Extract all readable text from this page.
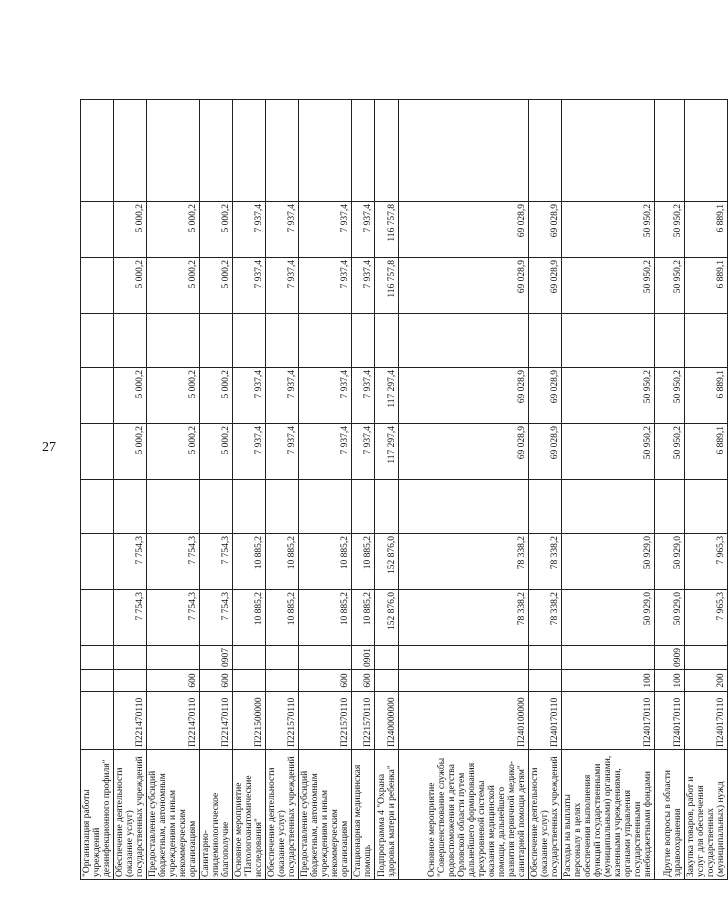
27
"Организация работы учреждений дезинфекционного профиля"												
Обеспечение деятельности (оказание услуг) государственных учреждений	П221470110			7 754,3	7 754,3		5 000,2	5 000,2		5 000,2	5 000,2	
Предоставление субсидий бюджетным, автономным учреждениям и иным некоммерческим организациям	П221470110	600		7 754,3	7 754,3		5 000,2	5 000,2		5 000,2	5 000,2	
Санитарно-эпидемиологическое благополучие	П221470110	600	0907	7 754,3	7 754,3		5 000,2	5 000,2		5 000,2	5 000,2	
Основное мероприятие "Патологоанатомические исследования"	П221500000			10 885,2	10 885,2		7 937,4	7 937,4		7 937,4	7 937,4	
Обеспечение деятельности (оказание услуг) государственных учреждений	П221570110			10 885,2	10 885,2		7 937,4	7 937,4		7 937,4	7 937,4	
Предоставление субсидий бюджетным, автономным учреждениям и иным некоммерческим организациям	П221570110	600		10 885,2	10 885,2		7 937,4	7 937,4		7 937,4	7 937,4	
Стационарная медицинская помощь	П221570110	600	0901	10 885,2	10 885,2		7 937,4	7 937,4		7 937,4	7 937,4	
Подпрограмма 4 "Охрана здоровья матери и ребенка"	П240000000			152 876,0	152 876,0		117 297,4	117 297,4		116 757,8	116 757,8	
Основное мероприятие "Совершенствование службы родовспоможения и детства Орловской области путем дальнейшего формирования трехуровневой системы оказания медицинской помощи, дальнейшего развития первичной медико-санитарной помощи детям"	П240100000			78 338,2	78 338,2		69 028,9	69 028,9		69 028,9	69 028,9	
Обеспечение деятельности (оказание услуг) государственных учреждений	П240170110			78 338,2	78 338,2		69 028,9	69 028,9		69 028,9	69 028,9	
Расходы на выплаты персоналу в целях обеспечения выполнения функций государственными (муниципальными) органами, казенными учреждениями, органами управления государственными внебюджетными фондами	П240170110	100		50 929,0	50 929,0		50 950,2	50 950,2		50 950,2	50 950,2	
Другие вопросы в области здравоохранения	П240170110	100	0909	50 929,0	50 929,0		50 950,2	50 950,2		50 950,2	50 950,2	
Закупка товаров, работ и услуг для обеспечения государственных (муниципальных) нужд	П240170110	200		7 965,3	7 965,3		6 889,1	6 889,1		6 889,1	6 889,1	
